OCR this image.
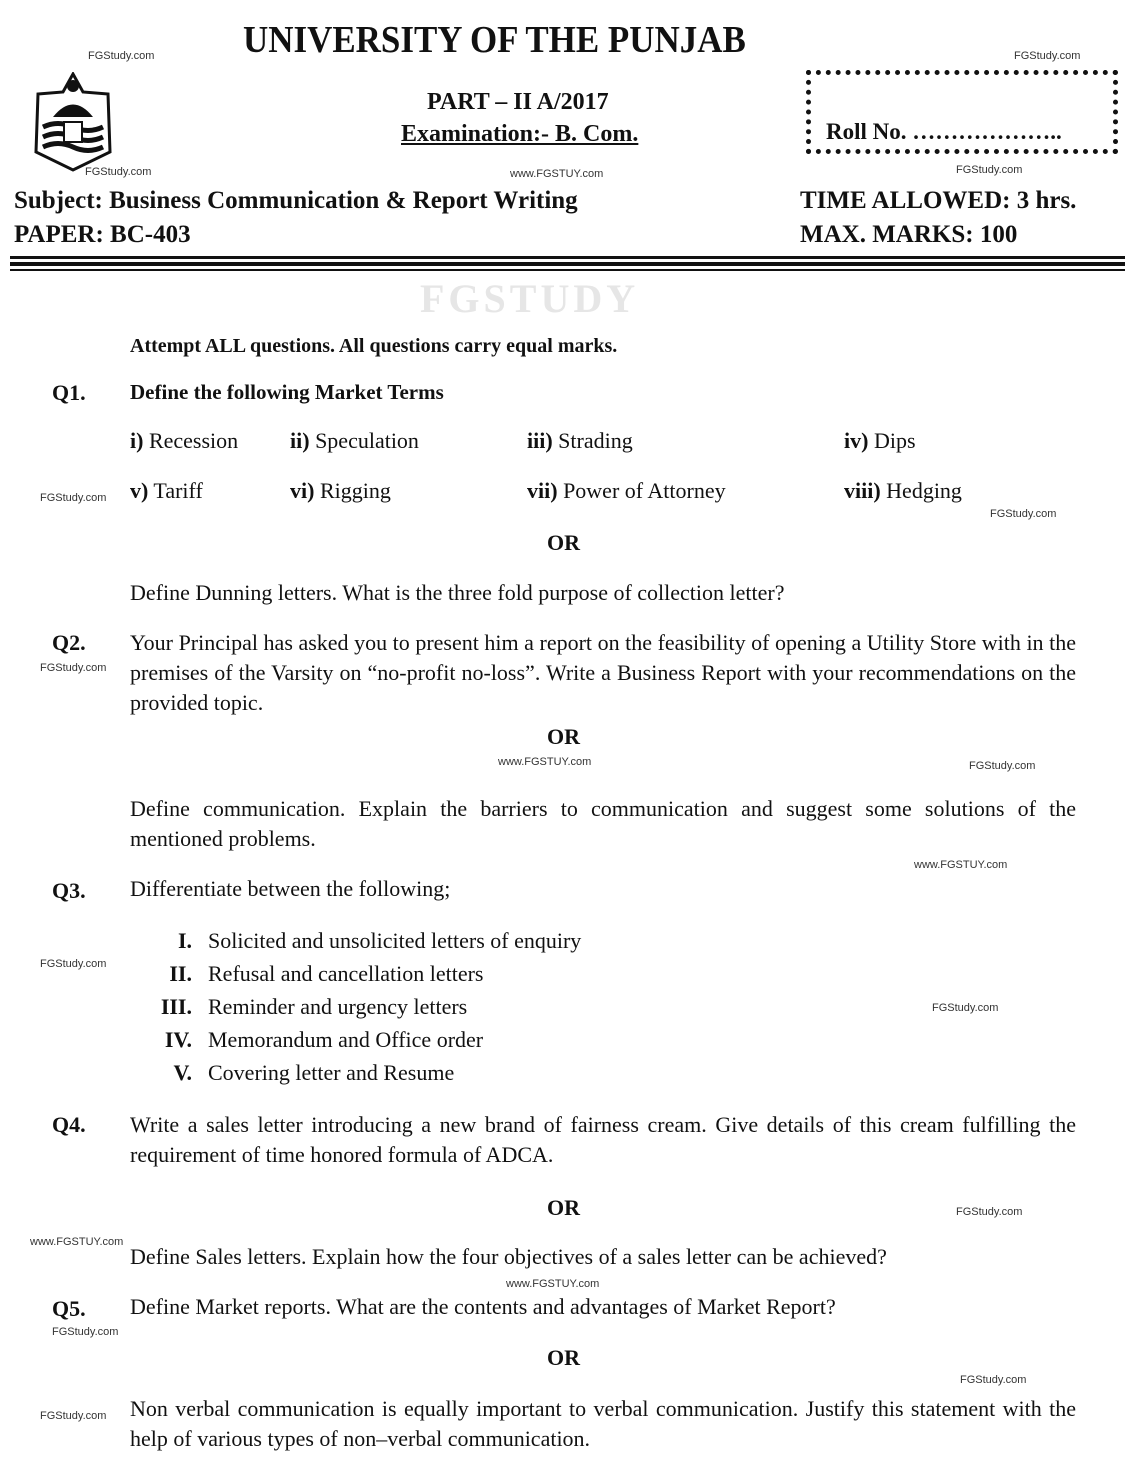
FGSTUDY
UNIVERSITY OF THE PUNJAB
PART – II A/2017
Examination:- B. Com.	Roll No. ………………..
Subject: Business Communication & Report Writing
PAPER: BC-403
TIME ALLOWED: 3 hrs.
MAX. MARKS: 100
Attempt ALL questions. All questions carry equal marks.
Q1. Define the following Market Terms
i) Recession ii) Speculation	iii) Strading	iv) Dips
v) Tariff	vi) Rigging	vii) Power of Attorney	viii) Hedging
OR
Define Dunning letters. What is the three fold purpose of collection letter?
Q2. Your Principal has asked you to present him a report on the feasibility of opening a Utility Store with in the premises of the Varsity on “no-profit no-loss”. Write a Business Report with your recommendations on the provided topic.
OR
Define communication. Explain the barriers to communication and suggest some solutions of the mentioned problems.
Q3. Differentiate between the following;
I. Solicited and unsolicited letters of enquiry
II. Refusal and cancellation letters
III. Reminder and urgency letters
IV. Memorandum and Office order
V. Covering letter and Resume
Q4. Write a sales letter introducing a new brand of fairness cream. Give details of this cream fulfilling the requirement of time honored formula of ADCA.
OR
Define Sales letters. Explain how the four objectives of a sales letter can be achieved?
Q5. Define Market reports. What are the contents and advantages of Market Report?
OR
Non verbal communication is equally important to verbal communication. Justify this statement with the help of various types of non–verbal communication.
FGStudy.com	FGStudy.com
FGStudy.com	www.FGSTUY.com	FGStudy.com
FGStudy.com
FGStudy.com
FGStudy.com
FGStudy.com
www.FGSTUY.com
www.FGSTUY.com
FGStudy.com
FGStudy.com
FGStudy.com
www.FGSTUY.com
www.FGSTUY.com
FGStudy.com
FGStudy.com
FGStudy.com
